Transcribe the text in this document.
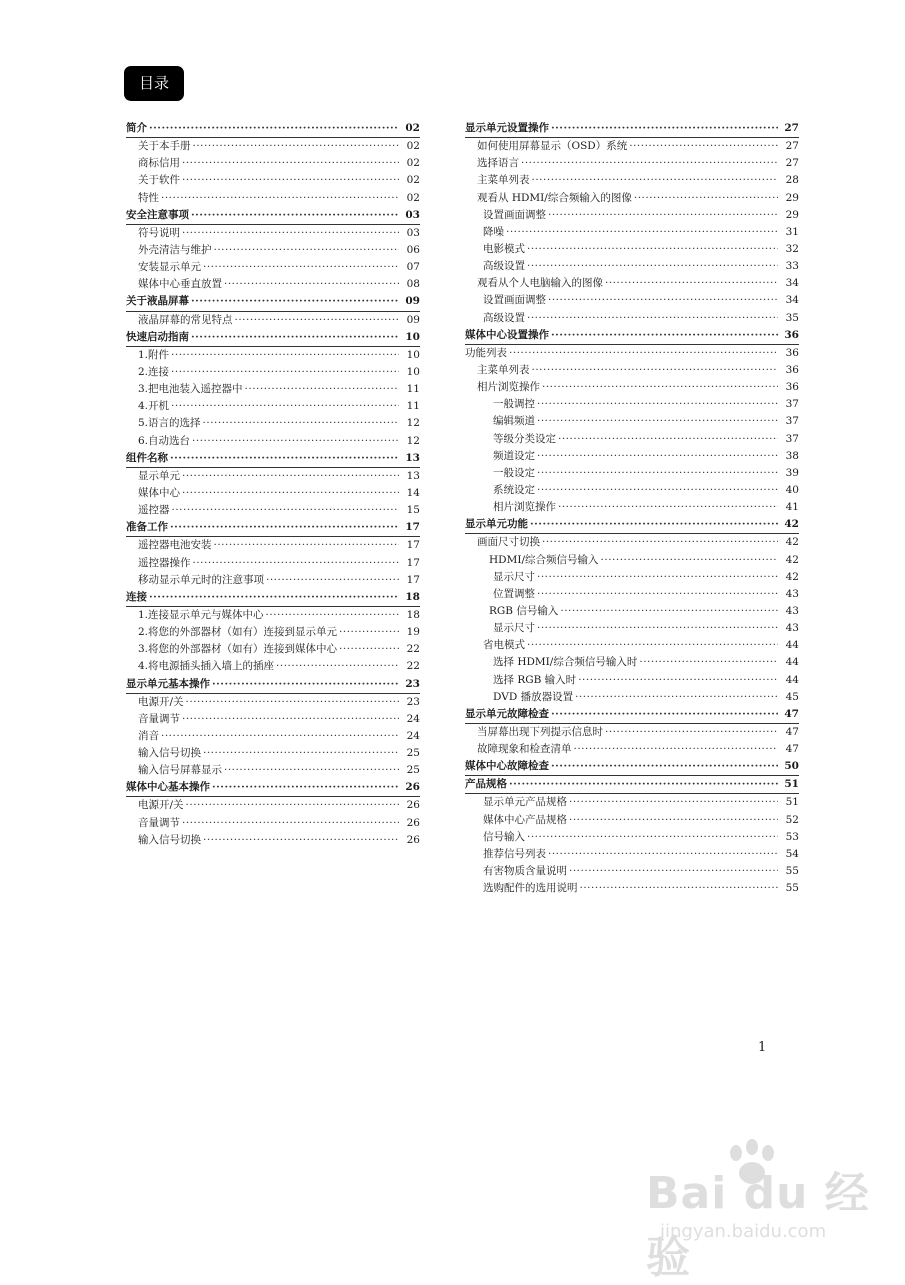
目录
简介 ·····	02
关于本手册 ·····	02
商标信用 ·····	02
关于软件 ·····	02
特性 ·····	02
安全注意事项 ·····	03
符号说明 ·····	03
外壳清洁与维护 ·····	06
安装显示单元 ·····	07
媒体中心垂直放置 ·····	08
关于液晶屏幕 ·····	09
液晶屏幕的常见特点 ·····	09
快速启动指南 ·····	10
1.附件 ·····	10
2.连接 ·····	10
3.把电池装入遥控器中 ·····	11
4.开机 ·····	11
5.语言的选择 ·····	12
6.自动选台 ·····	12
组件名称 ·····	13
显示单元 ·····	13
媒体中心 ·····	14
遥控器 ·····	15
准备工作 ·····	17
遥控器电池安装 ·····	17
遥控器操作 ·····	17
移动显示单元时的注意事项 ·····	17
连接 ·····	18
1.连接显示单元与媒体中心 ·····	18
2.将您的外部器材（如有）连接到显示单元 ·····	19
3.将您的外部器材（如有）连接到媒体中心 ·····	22
4.将电源插头插入墙上的插座 ·····	22
显示单元基本操作 ·····	23
电源开/关 ·····	23
音量调节 ·····	24
消音 ·····	24
输入信号切换 ·····	25
输入信号屏幕显示 ·····	25
媒体中心基本操作 ·····	26
电源开/关 ·····	26
音量调节 ·····	26
输入信号切换 ·····	26
显示单元设置操作 ·····	27
如何使用屏幕显示（OSD）系统 ·····	27
选择语言 ·····	27
主菜单列表 ·····	28
观看从 HDMI/综合频输入的图像 ·····	29
设置画面调整 ·····	29
降噪 ·····	31
电影模式 ·····	32
高级设置 ·····	33
观看从个人电脑输入的图像 ·····	34
设置画面调整 ·····	34
高级设置 ·····	35
媒体中心设置操作 ·····	36
功能列表 ·····	36
主菜单列表 ·····	36
相片浏览操作 ·····	36
一般调控 ·····	37
编辑频道 ·····	37
等级分类设定 ·····	37
频道设定 ·····	38
一般设定 ·····	39
系统设定 ·····	40
相片浏览操作 ·····	41
显示单元功能 ·····	42
画面尺寸切换 ·····	42
HDMI/综合频信号输入 ·····	42
显示尺寸 ·····	42
位置调整 ·····	43
RGB 信号输入 ·····	43
显示尺寸 ·····	43
省电模式 ·····	44
选择 HDMI/综合频信号输入时 ·····	44
选择 RGB 输入时 ·····	44
DVD 播放器设置 ·····	45
显示单元故障检查 ·····	47
当屏幕出现下列提示信息时 ·····	47
故障现象和检查清单 ·····	47
媒体中心故障检查 ·····	50
产品规格 ·····	51
显示单元产品规格 ·····	51
媒体中心产品规格 ·····	52
信号输入 ·····	53
推荐信号列表 ·····	54
有害物质含量说明 ·····	55
选购配件的选用说明 ·····	55
1
Bai du 经验
jingyan.baidu.com
